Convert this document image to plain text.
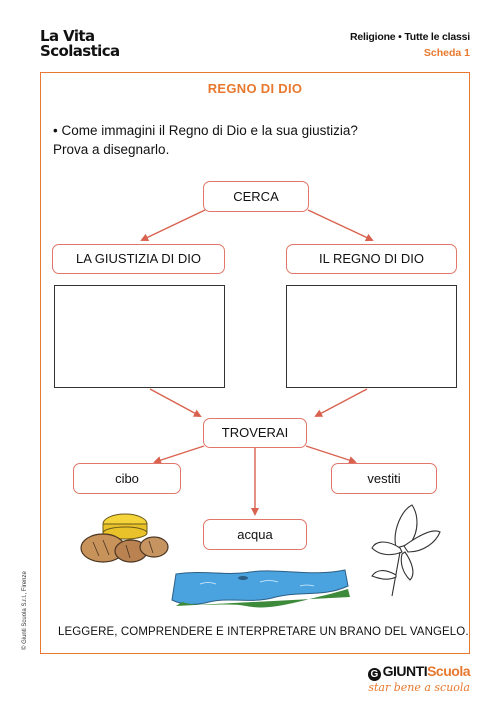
La Vita
Scolastica
Religione • Tutte le classi
Scheda 1
REGNO DI DIO
• Come immagini il Regno di Dio e la sua giustizia?
Prova a disegnarlo.
CERCA
LA GIUSTIZIA DI DIO	IL REGNO DI DIO
TROVERAI
cibo	vestiti
acqua
LEGGERE, COMPRENDERE E INTERPRETARE UN BRANO DEL VANGELO.
© Giunti Scuola S.r.l., Firenze
G GIUNTIScuola
star bene a scuola
